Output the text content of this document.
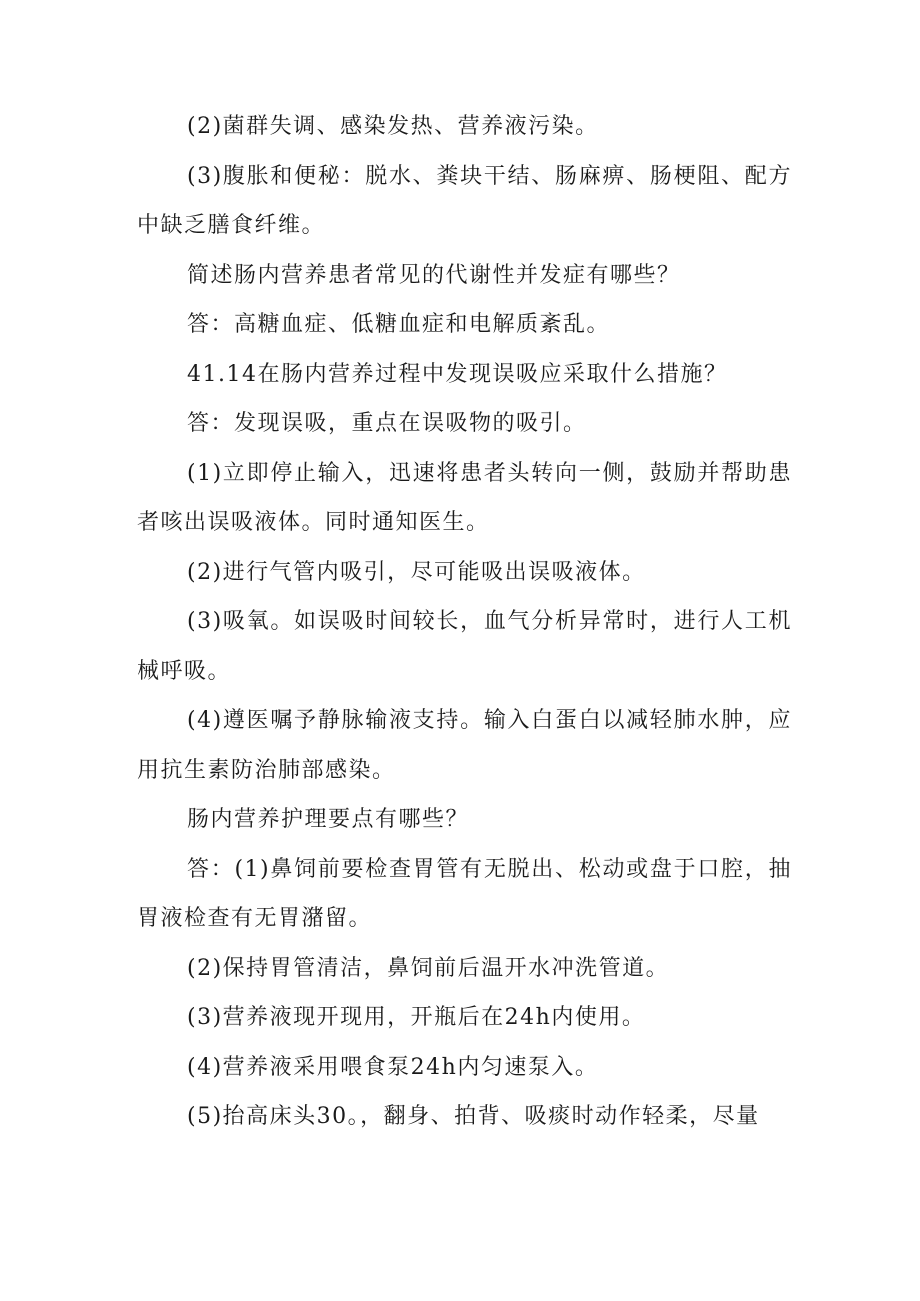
(2)菌群失调、感染发热、营养液污染。

(3)腹胀和便秘：脱水、粪块干结、肠麻痹、肠梗阻、配方中缺乏膳食纤维。

简述肠内营养患者常见的代谢性并发症有哪些？

答：高糖血症、低糖血症和电解质紊乱。

41.14在肠内营养过程中发现误吸应采取什么措施？

答：发现误吸，重点在误吸物的吸引。

(1)立即停止输入，迅速将患者头转向一侧，鼓励并帮助患者咳出误吸液体。同时通知医生。

(2)进行气管内吸引，尽可能吸出误吸液体。

(3)吸氧。如误吸时间较长，血气分析异常时，进行人工机械呼吸。

(4)遵医嘱予静脉输液支持。输入白蛋白以减轻肺水肿，应用抗生素防治肺部感染。

肠内营养护理要点有哪些？

答：(1)鼻饲前要检查胃管有无脱出、松动或盘于口腔，抽胃液检查有无胃潴留。

(2)保持胃管清洁，鼻饲前后温开水冲洗管道。

(3)营养液现开现用，开瓶后在24h内使用。

(4)营养液采用喂食泵24h内匀速泵入。

(5)抬高床头30。，翻身、拍背、吸痰时动作轻柔，尽量
